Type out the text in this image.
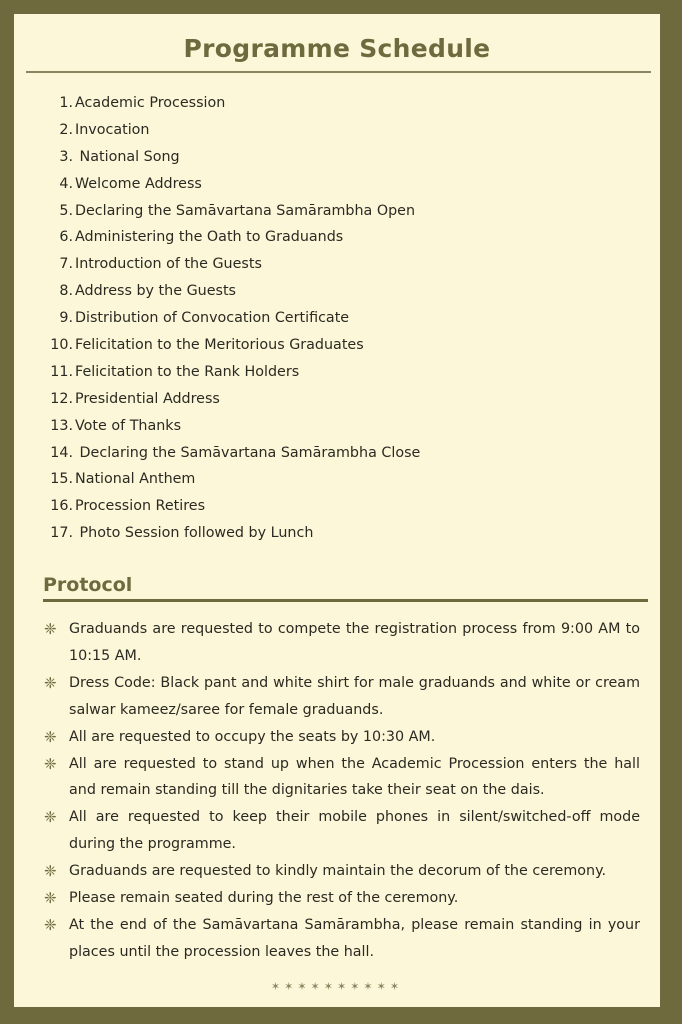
Programme Schedule
1. Academic Procession
2. Invocation
3. National Song
4. Welcome Address
5. Declaring the Samāvartana Samārambha Open
6. Administering the Oath to Graduands
7. Introduction of the Guests
8. Address by the Guests
9. Distribution of Convocation Certificate
10. Felicitation to the Meritorious Graduates
11. Felicitation to the Rank Holders
12. Presidential Address
13. Vote of Thanks
14. Declaring the Samāvartana Samārambha Close
15. National Anthem
16. Procession Retires
17. Photo Session followed by Lunch
Protocol
❈ Graduands are requested to compete the registration process from 9:00 AM to 10:15 AM.
❈ Dress Code: Black pant and white shirt for male graduands and white or cream salwar kameez/saree for female graduands.
❈ All are requested to occupy the seats by 10:30 AM.
❈ All are requested to stand up when the Academic Procession enters the hall and remain standing till the dignitaries take their seat on the dais.
❈ All are requested to keep their mobile phones in silent/switched-off mode during the programme.
❈ Graduands are requested to kindly maintain the decorum of the ceremony.
❈ Please remain seated during the rest of the ceremony.
❈ At the end of the Samāvartana Samārambha, please remain standing in your places until the procession leaves the hall.
✶✶✶✶✶✶✶✶✶✶
